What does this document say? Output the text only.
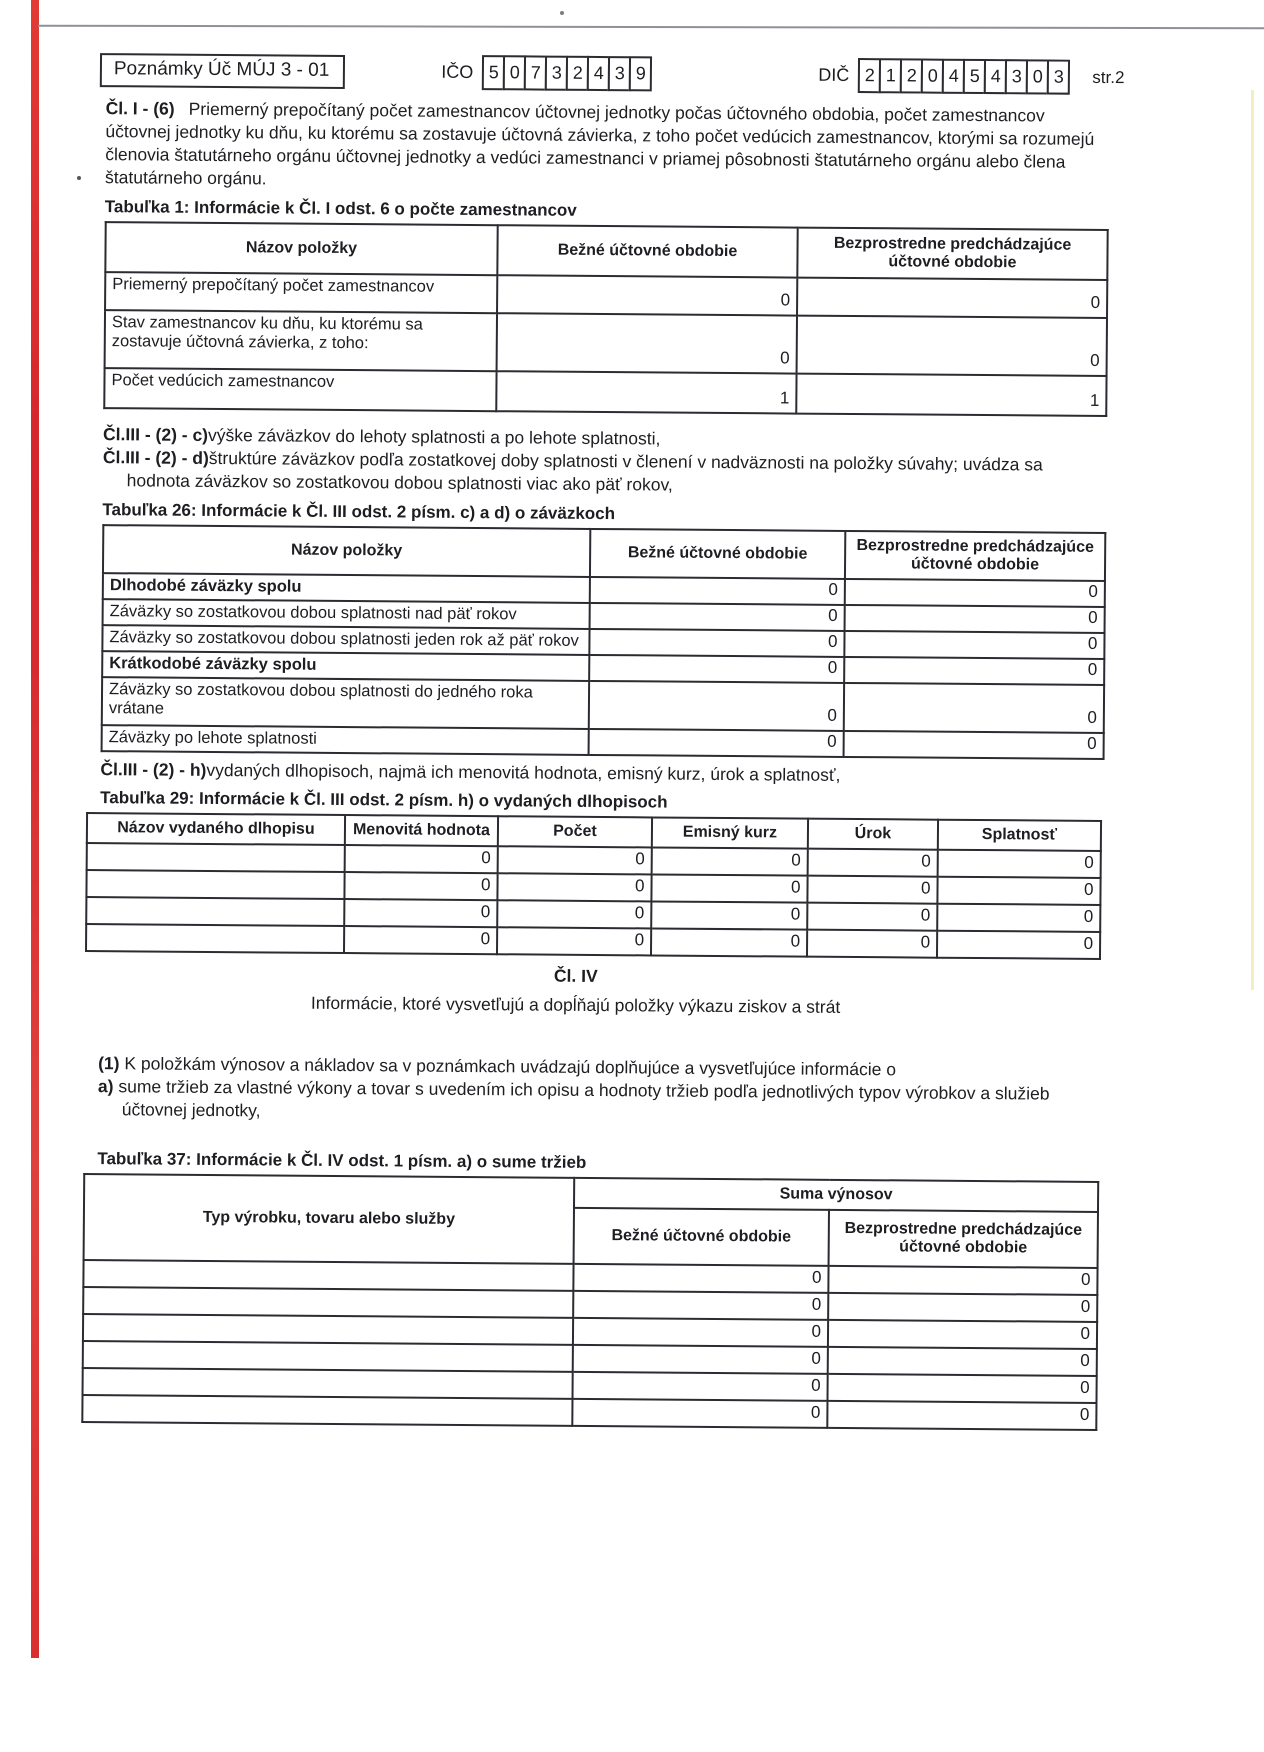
Poznámky Úč MÚJ 3 - 01	IČO 5 0 7 3 2 4 3 9	DIČ 2 1 2 0 4 5 4 3 0 3	str.2

Čl. I - (6) Priemerný prepočítaný počet zamestnancov účtovnej jednotky počas účtovného obdobia, počet zamestnancov účtovnej jednotky ku dňu, ku ktorému sa zostavuje účtovná závierka, z toho počet vedúcich zamestnancov, ktorými sa rozumejú členovia štatutárneho orgánu účtovnej jednotky a vedúci zamestnanci v priamej pôsobnosti štatutárneho orgánu alebo člena štatutárneho orgánu.

Tabuľka 1: Informácie k Čl. I odst. 6 o počte zamestnancov
Názov položky	Bežné účtovné obdobie	Bezprostredne predchádzajúce účtovné obdobie
Priemerný prepočítaný počet zamestnancov	0	0
Stav zamestnancov ku dňu, ku ktorému sa zostavuje účtovná závierka, z toho:	0	0
Počet vedúcich zamestnancov	1	1

Čl.III - (2) - c)výške záväzkov do lehoty splatnosti a po lehote splatnosti,

Čl.III - (2) - d)štruktúre záväzkov podľa zostatkovej doby splatnosti v členení v nadväznosti na položky súvahy; uvádza sa hodnota záväzkov so zostatkovou dobou splatnosti viac ako päť rokov,

Tabuľka 26: Informácie k Čl. III odst. 2 písm. c) a d) o záväzkoch
Názov položky	Bežné účtovné obdobie	Bezprostredne predchádzajúce účtovné obdobie
Dlhodobé záväzky spolu	0	0
Záväzky so zostatkovou dobou splatnosti nad päť rokov	0	0
Záväzky so zostatkovou dobou splatnosti jeden rok až päť rokov	0	0
Krátkodobé záväzky spolu	0	0
Záväzky so zostatkovou dobou splatnosti do jedného roka vrátane	0	0
Záväzky po lehote splatnosti	0	0

Čl.III - (2) - h)vydaných dlhopisoch, najmä ich menovitá hodnota, emisný kurz, úrok a splatnosť,

Tabuľka 29: Informácie k Čl. III odst. 2 písm. h) o vydaných dlhopisoch
Názov vydaného dlhopisu	Menovitá hodnota	Počet	Emisný kurz	Úrok	Splatnosť
	0	0	0	0	0
	0	0	0	0	0
	0	0	0	0	0
	0	0	0	0	0
Čl. IV
Informácie, ktoré vysvetľujú a dopĺňajú položky výkazu ziskov a strát

(1) K položkám výnosov a nákladov sa v poznámkach uvádzajú doplňujúce a vysvetľujúce informácie o

a) sume tržieb za vlastné výkony a tovar s uvedením ich opisu a hodnoty tržieb podľa jednotlivých typov výrobkov a služieb účtovnej jednotky,

Tabuľka 37: Informácie k Čl. IV odst. 1 písm. a) o sume tržieb
Typ výrobku, tovaru alebo služby	Suma výnosov	
	Bežné účtovné obdobie	Bezprostredne predchádzajúce účtovné obdobie
	0	0
	0	0
	0	0
	0	0
	0	0
	0	0
